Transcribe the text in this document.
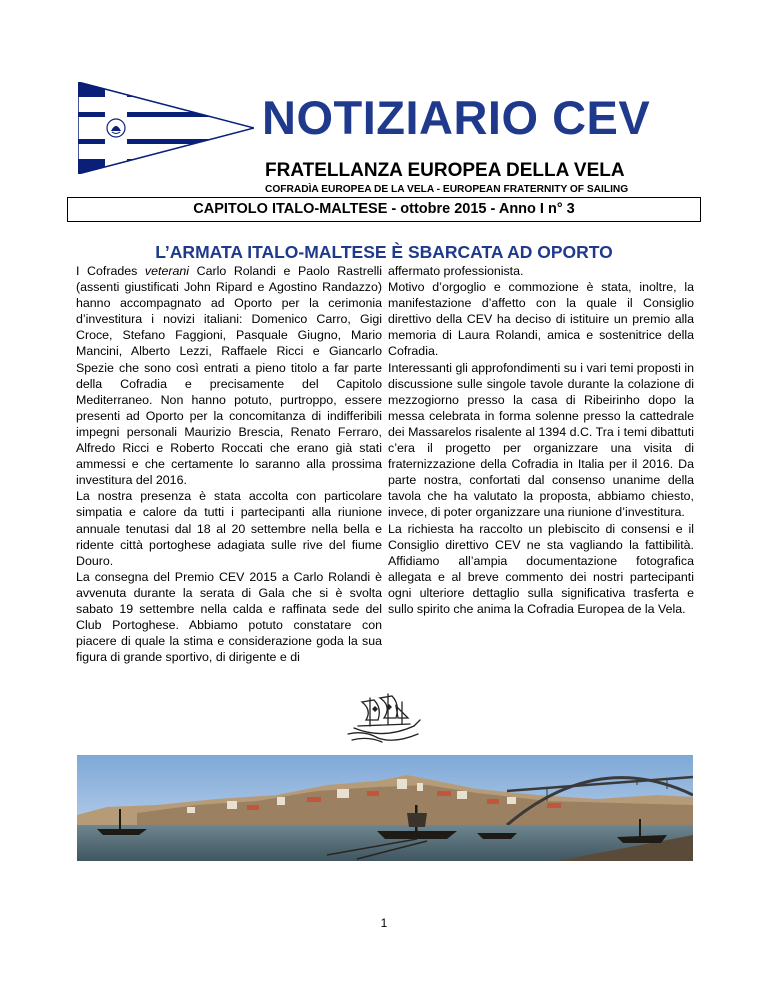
NOTIZIARIO CEV
FRATELLANZA EUROPEA DELLA VELA
COFRADÌA EUROPEA DE LA VELA - EUROPEAN FRATERNITY OF SAILING
CAPITOLO ITALO-MALTESE - ottobre 2015 - Anno I n° 3
L’ARMATA ITALO-MALTESE È SBARCATA AD OPORTO

I Cofrades veterani Carlo Rolandi e Paolo Rastrelli (assenti giustificati John Ripard e Agostino Randazzo) hanno accompagnato ad Oporto per la cerimonia d’investitura i novizi italiani: Domenico Carro, Gigi Croce, Stefano Faggioni, Pasquale Giugno, Mario Mancini, Alberto Lezzi, Raffaele Ricci e Giancarlo Spezie che sono così entrati a pieno titolo a far parte della Cofradia e precisamente del Capitolo Mediterraneo. Non hanno potuto, purtroppo, essere presenti ad Oporto per la concomitanza di indifferibili impegni personali Maurizio Brescia, Renato Ferraro, Alfredo Ricci e Roberto Roccati che erano già stati ammessi e che certamente lo saranno alla prossima investitura del 2016.

La nostra presenza è stata accolta con particolare simpatia e calore da tutti i partecipanti alla riunione annuale tenutasi dal 18 al 20 settembre nella bella e ridente città portoghese adagiata sulle rive del fiume Douro.

La consegna del Premio CEV 2015 a Carlo Rolandi è avvenuta durante la serata di Gala che si è svolta sabato 19 settembre nella calda e raffinata sede del Club Portoghese. Abbiamo potuto constatare con piacere di quale la stima e considerazione goda la sua figura di grande sportivo, di dirigente e di

affermato professionista.

Motivo d’orgoglio e commozione è stata, inoltre, la manifestazione d’affetto con la quale il Consiglio direttivo della CEV ha deciso di istituire un premio alla memoria di Laura Rolandi, amica e sostenitrice della Cofradia.

Interessanti gli approfondimenti su i vari temi proposti in discussione sulle singole tavole durante la colazione di mezzogiorno presso la casa di Ribeirinho dopo la messa celebrata in forma solenne presso la cattedrale dei Massarelos risalente al 1394 d.C. Tra i temi dibattuti c’era il progetto per organizzare una visita di fraternizzazione della Cofradia in Italia per il 2016. Da parte nostra, confortati dal consenso unanime della tavola che ha valutato la proposta, abbiamo chiesto, invece, di poter organizzare una riunione d’investitura.

La richiesta ha raccolto un plebiscito di consensi e il Consiglio direttivo CEV ne sta vagliando la fattibilità. Affidiamo all’ampia documentazione fotografica allegata e al breve commento dei nostri partecipanti ogni ulteriore dettaglio sulla significativa trasferta e sullo spirito che anima la Cofradia Europea de la Vela.

1
